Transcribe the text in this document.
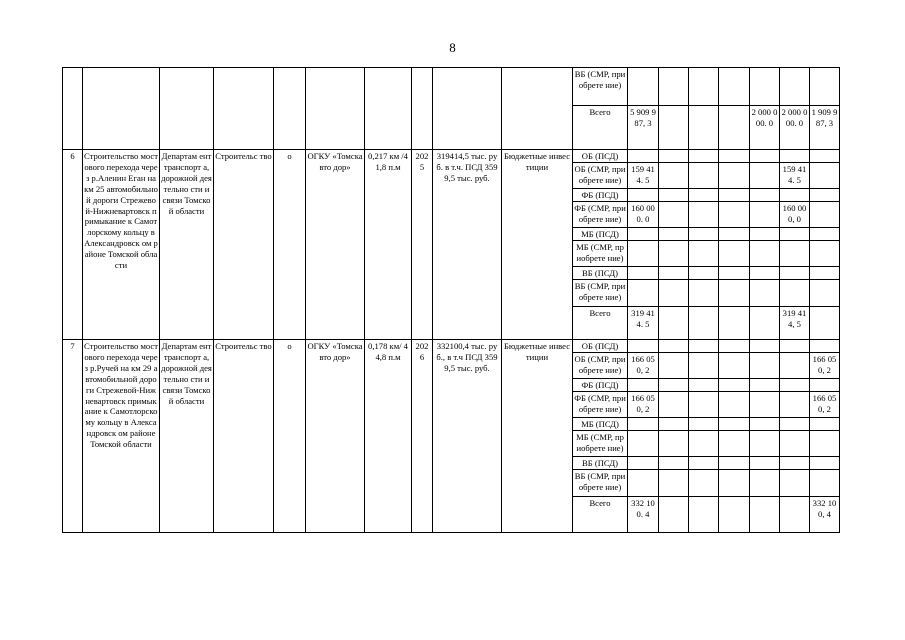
8
										ВБ (СМР, приобрете ние)							
										Всего	5 909 987, 3				2 000 000. 0	2 000 000. 0	1 909 987, 3
6	Строительство мостового перехода через р.Аленин Еган на км 25 автомобильной дороги Стрежевой-Нижневартовск примыкание к Самотлорскому кольцу в Александровск ом районе Томской области	Департам ент транспорт а, дорожной деятельно сти и связи Томской области	Строительс тво	о	ОГКУ «Томскавто дор»	0,217 км /41,8 п.м	202 5	319414,5 тыс. руб. в т.ч. ПСД 3599,5 тыс. руб.	Бюджетные инвестиции	ОБ (ПСД)							
										ОБ (СМР, приобрете ние)	159 414. 5					159 414. 5	
										ФБ (ПСД)							
										ФБ (СМР, приобрете ние)	160 000. 0					160 000, 0	
										МБ (ПСД)							
										МБ (СМР, приобрете ние)							
										ВБ (ПСД)							
										ВБ (СМР, приобрете ние)							
										Всего	319 414. 5					319 414, 5	
7	Строительство мостового перехода через р.Ручей на км 29 автомобильной дороги Стрежевой-Нижневартовск примыкание к Самотлорскому кольцу в Александровск ом районе Томской области	Департам ент транспорт а, дорожной деятельно сти и связи Томской области	Строительс тво	о	ОГКУ «Томскавто дор»	0,178 км/ 44,8 п.м	202 6	332100,4 тыс. руб., в т.ч ПСД 3599,5 тыс. руб.	Бюджетные инвестиции	ОБ (ПСД)							
										ОБ (СМР, приобрете ние)	166 050, 2						166 050, 2
										ФБ (ПСД)							
										ФБ (СМР, приобрете ние)	166 050, 2						166 050, 2
										МБ (ПСД)							
										МБ (СМР, приобрете ние)							
										ВБ (ПСД)							
										ВБ (СМР, приобрете ние)							
										Всего	332 100. 4						332 100, 4
